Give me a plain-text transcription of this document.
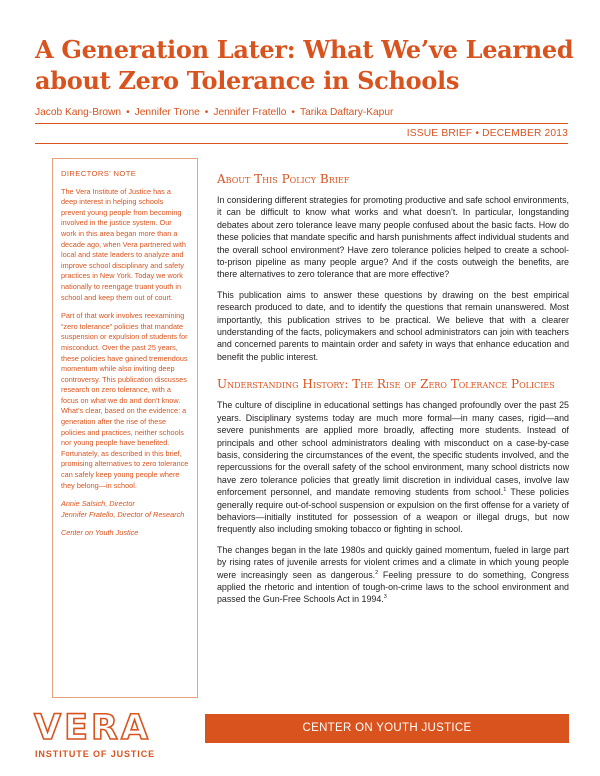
A Generation Later: What We’ve Learned about Zero Tolerance in Schools
Jacob Kang-Brown • Jennifer Trone • Jennifer Fratello • Tarika Daftary-Kapur
ISSUE BRIEF • DECEMBER 2013
DIRECTORS’ NOTE

The Vera Institute of Justice has a deep interest in helping schools prevent young people from becoming involved in the justice system. Our work in this area began more than a decade ago, when Vera partnered with local and state leaders to analyze and improve school disciplinary and safety practices in New York. Today we work nationally to reengage truant youth in school and keep them out of court.

Part of that work involves reexamining “zero tolerance” policies that mandate suspension or expulsion of students for misconduct. Over the past 25 years, these policies have gained tremendous momentum while also inviting deep controversy. This publication discusses research on zero tolerance, with a focus on what we do and don’t know. What’s clear, based on the evidence: a generation after the rise of these policies and practices, neither schools nor young people have benefited. Fortunately, as described in this brief, promising alternatives to zero tolerance can safely keep young people where they belong—in school.

Annie Salsich, Director

Jennifer Fratello, Director of Research

Center on Youth Justice

About This Policy Brief

In considering different strategies for promoting productive and safe school environments, it can be difficult to know what works and what doesn’t. In particular, longstanding debates about zero tolerance leave many people confused about the basic facts. How do these policies that mandate specific and harsh punishments affect individual students and the overall school environment? Have zero tolerance policies helped to create a school-to-prison pipeline as many people argue? And if the costs outweigh the benefits, are there alternatives to zero tolerance that are more effective?

This publication aims to answer these questions by drawing on the best empirical research produced to date, and to identify the questions that remain unanswered. Most importantly, this publication strives to be practical. We believe that with a clearer understanding of the facts, policymakers and school administrators can join with teachers and concerned parents to maintain order and safety in ways that enhance education and benefit the public interest.

Understanding History: The Rise of Zero Tolerance Policies

The culture of discipline in educational settings has changed profoundly over the past 25 years. Disciplinary systems today are much more formal—in many cases, rigid—and severe punishments are applied more broadly, affecting more students. Instead of principals and other school administrators dealing with misconduct on a case-by-case basis, considering the circumstances of the event, the specific students involved, and the repercussions for the overall safety of the school environment, many school districts now have zero tolerance policies that greatly limit discretion in individual cases, involve law enforcement personnel, and mandate removing students from school.$^1$ These policies generally require out-of-school suspension or expulsion on the first offense for a variety of behaviors—initially instituted for possession of a weapon or illegal drugs, but now frequently also including smoking tobacco or fighting in school.

The changes began in the late 1980s and quickly gained momentum, fueled in large part by rising rates of juvenile arrests for violent crimes and a climate in which young people were increasingly seen as dangerous.$^2$ Feeling pressure to do something, Congress applied the rhetoric and intention of tough-on-crime laws to the school environment and passed the Gun-Free Schools Act in 1994.$^3$

VERA
INSTITUTE OF JUSTICE
CENTER ON YOUTH JUSTICE
